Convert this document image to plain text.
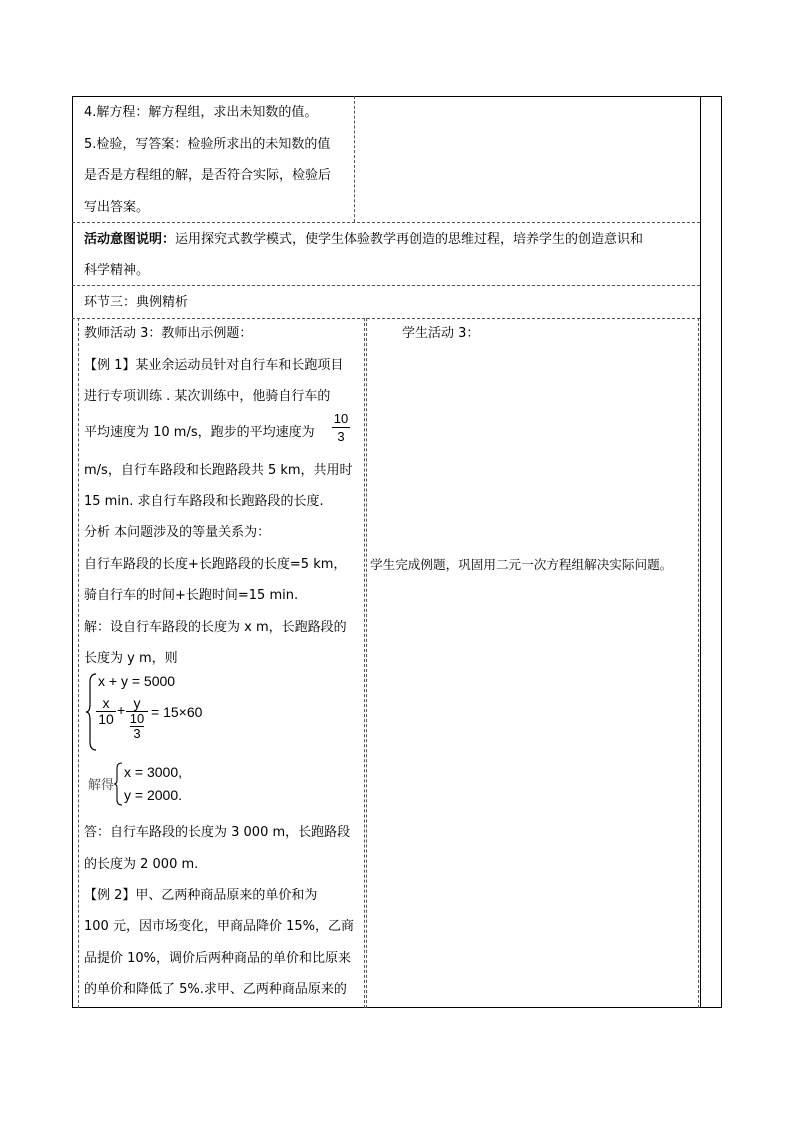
4.解方程：解方程组，求出未知数的值。
5.检验，写答案：检验所求出的未知数的值
是否是方程组的解，是否符合实际，检验后
写出答案。
活动意图说明：运用探究式教学模式，使学生体验教学再创造的思维过程，培养学生的创造意识和
科学精神。
环节三：典例精析
教师活动 3：教师出示例题：
【例 1】某业余运动员针对自行车和长跑项目
进行专项训练 . 某次训练中，他骑自行车的
平均速度为 10 m/s，跑步的平均速度为
10
3
m/s，自行车路段和长跑路段共 5 km，共用时
15 min. 求自行车路段和长跑路段的长度.
分析 本问题涉及的等量关系为：
自行车路段的长度+长跑路段的长度=5 km，
骑自行车的时间+长跑时间=15 min.
解：设自行车路段的长度为 x m，长跑路段的
长度为 y m，则
x + y = 5000
x
10
+ y
10
3
= 15×60
解得
x = 3000,
y = 2000.
答：自行车路段的长度为 3 000 m，长跑路段
的长度为 2 000 m.
【例 2】甲、乙两种商品原来的单价和为
100 元，因市场变化，甲商品降价 15%，乙商
品提价 10%，调价后两种商品的单价和比原来
的单价和降低了 5%.求甲、乙两种商品原来的
学生活动 3：
学生完成例题，巩固用二元一次方程组解决实际问题。
